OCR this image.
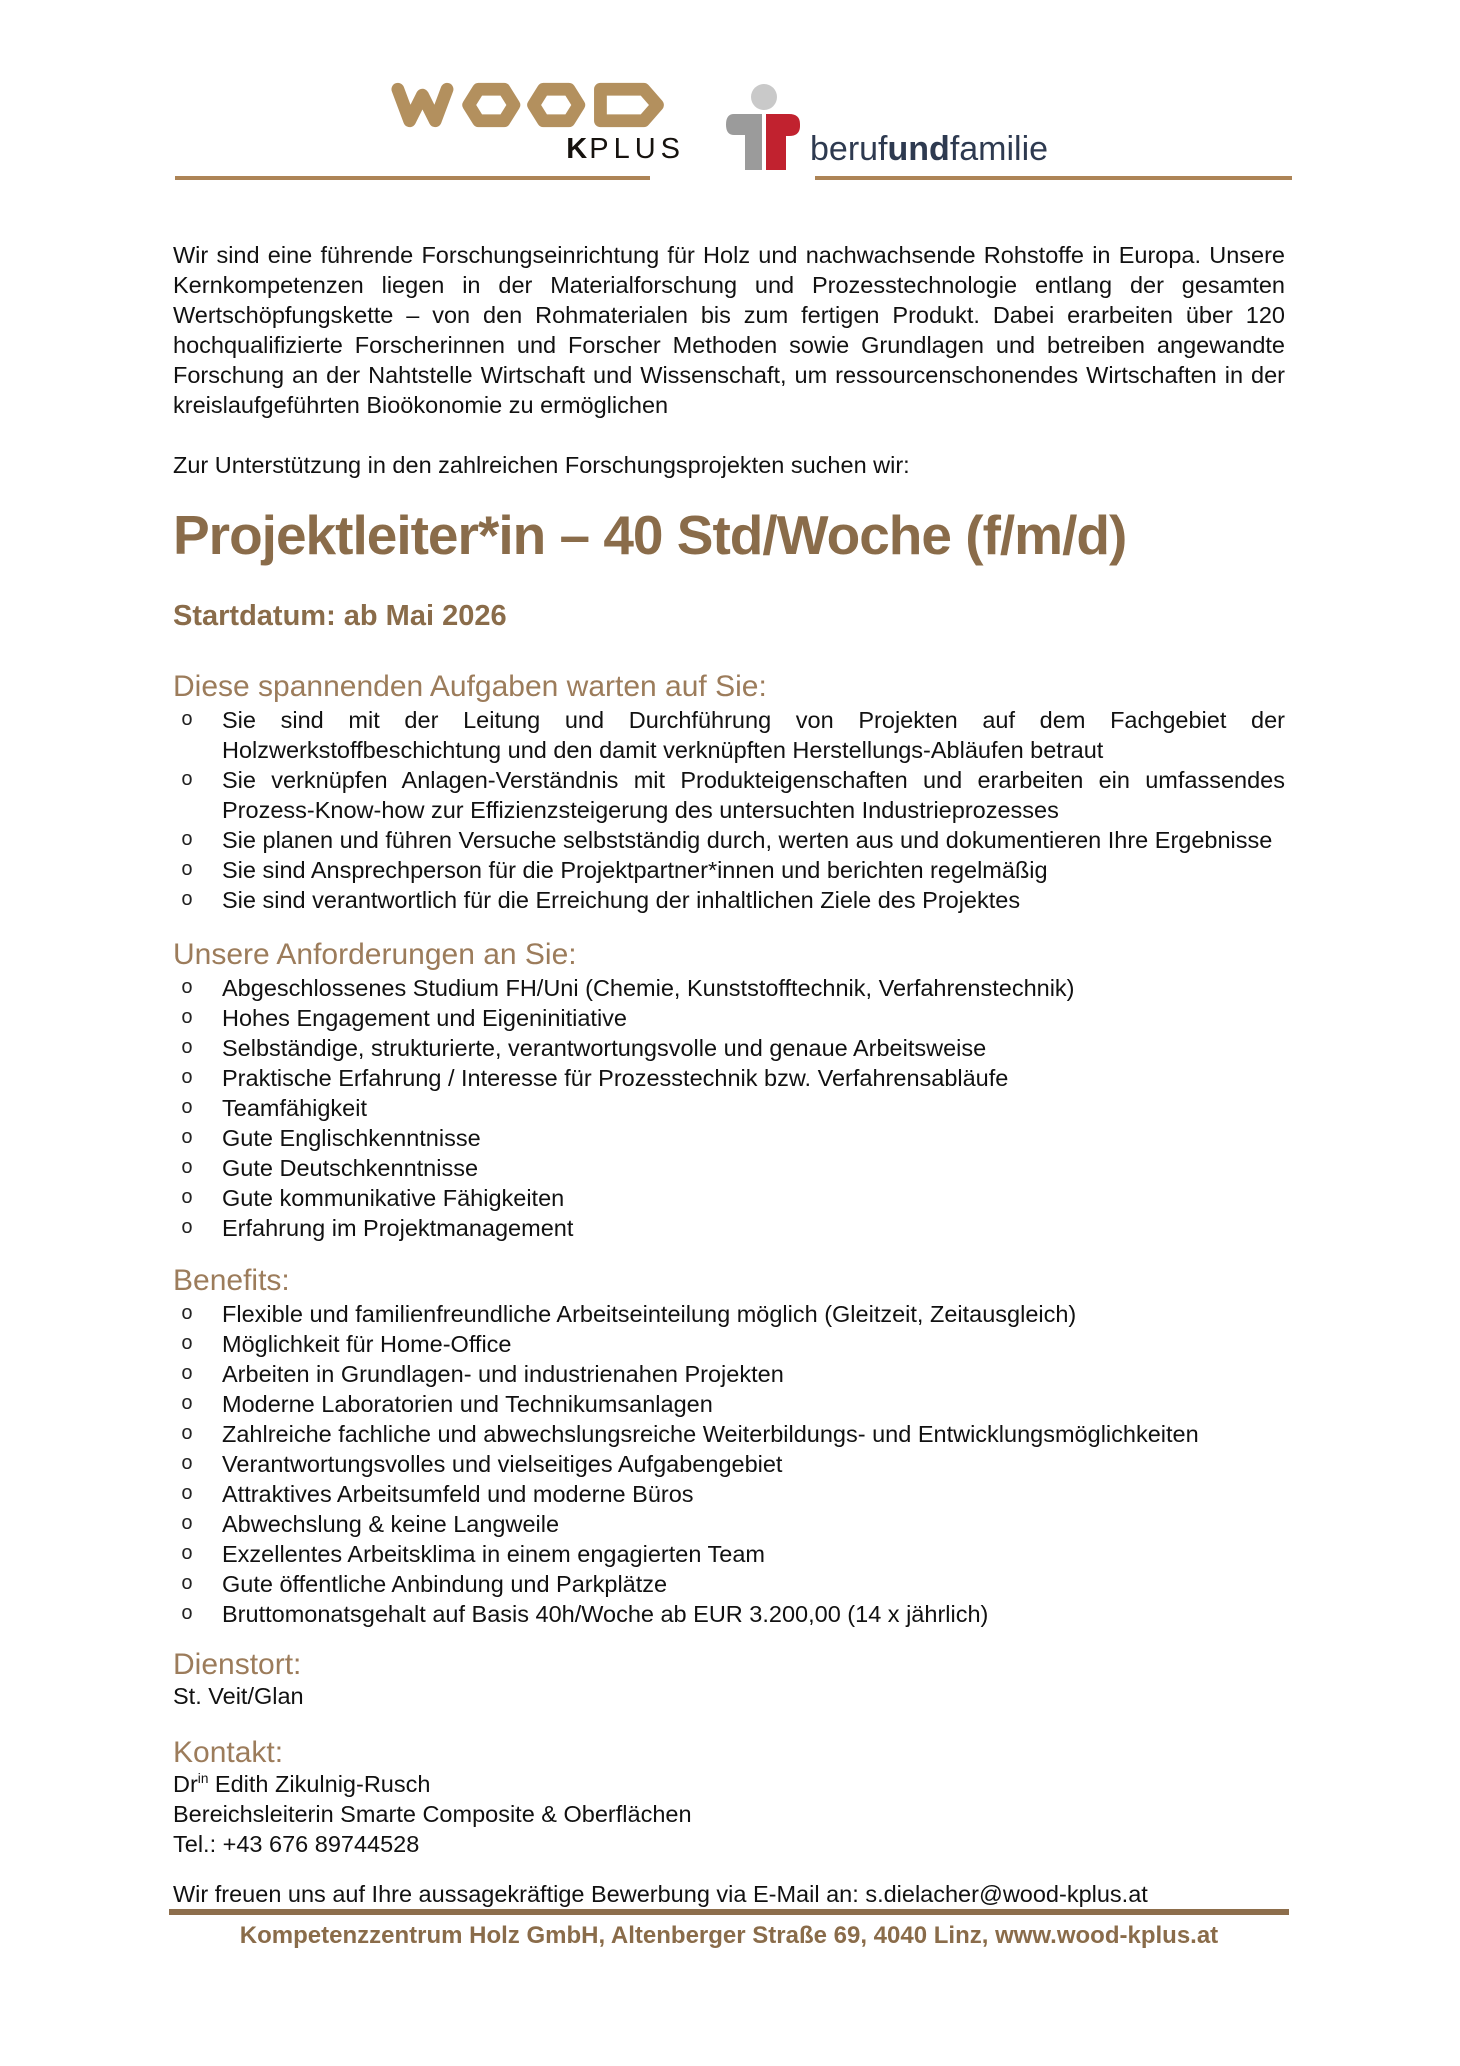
KPLUS	berufundfamilie

Wir sind eine führende Forschungseinrichtung für Holz und nachwachsende Rohstoffe in Europa. Unsere Kernkompetenzen liegen in der Materialforschung und Prozesstechnologie entlang der gesamten Wertschöpfungskette – von den Rohmaterialen bis zum fertigen Produkt. Dabei erarbeiten über 120 hochqualifizierte Forscherinnen und Forscher Methoden sowie Grundlagen und betreiben angewandte Forschung an der Nahtstelle Wirtschaft und Wissenschaft, um ressourcenschonendes Wirtschaften in der kreislaufgeführten Bioökonomie zu ermöglichen

Zur Unterstützung in den zahlreichen Forschungsprojekten suchen wir:

Projektleiter*in – 40 Std/Woche (f/m/d)

Startdatum: ab Mai 2026

Diese spannenden Aufgaben warten auf Sie:
o Sie sind mit der Leitung und Durchführung von Projekten auf dem Fachgebiet der Holzwerkstoffbeschichtung und den damit verknüpften Herstellungs-Abläufen betraut
o Sie verknüpfen Anlagen-Verständnis mit Produkteigenschaften und erarbeiten ein umfassendes Prozess-Know-how zur Effizienzsteigerung des untersuchten Industrieprozesses
o Sie planen und führen Versuche selbstständig durch, werten aus und dokumentieren Ihre Ergebnisse
o Sie sind Ansprechperson für die Projektpartner*innen und berichten regelmäßig
o Sie sind verantwortlich für die Erreichung der inhaltlichen Ziele des Projektes
Unsere Anforderungen an Sie:
o Abgeschlossenes Studium FH/Uni (Chemie, Kunststofftechnik, Verfahrenstechnik)
o Hohes Engagement und Eigeninitiative
o Selbständige, strukturierte, verantwortungsvolle und genaue Arbeitsweise
o Praktische Erfahrung / Interesse für Prozesstechnik bzw. Verfahrensabläufe
o Teamfähigkeit
o Gute Englischkenntnisse
o Gute Deutschkenntnisse
o Gute kommunikative Fähigkeiten
o Erfahrung im Projektmanagement
Benefits:
o Flexible und familienfreundliche Arbeitseinteilung möglich (Gleitzeit, Zeitausgleich)
o Möglichkeit für Home-Office
o Arbeiten in Grundlagen- und industrienahen Projekten
o Moderne Laboratorien und Technikumsanlagen
o Zahlreiche fachliche und abwechslungsreiche Weiterbildungs- und Entwicklungsmöglichkeiten
o Verantwortungsvolles und vielseitiges Aufgabengebiet
o Attraktives Arbeitsumfeld und moderne Büros
o Abwechslung & keine Langweile
o Exzellentes Arbeitsklima in einem engagierten Team
o Gute öffentliche Anbindung und Parkplätze
o Bruttomonatsgehalt auf Basis 40h/Woche ab EUR 3.200,00 (14 x jährlich)
Dienstort:

St. Veit/Glan

Kontakt:

$Dr^{in}$ Edith Zikulnig-Rusch

Bereichsleiterin Smarte Composite & Oberflächen

Tel.: +43 676 89744528

Wir freuen uns auf Ihre aussagekräftige Bewerbung via E-Mail an: s.dielacher@wood-kplus.at

Kompetenzzentrum Holz GmbH, Altenberger Straße 69, 4040 Linz, www.wood-kplus.at
